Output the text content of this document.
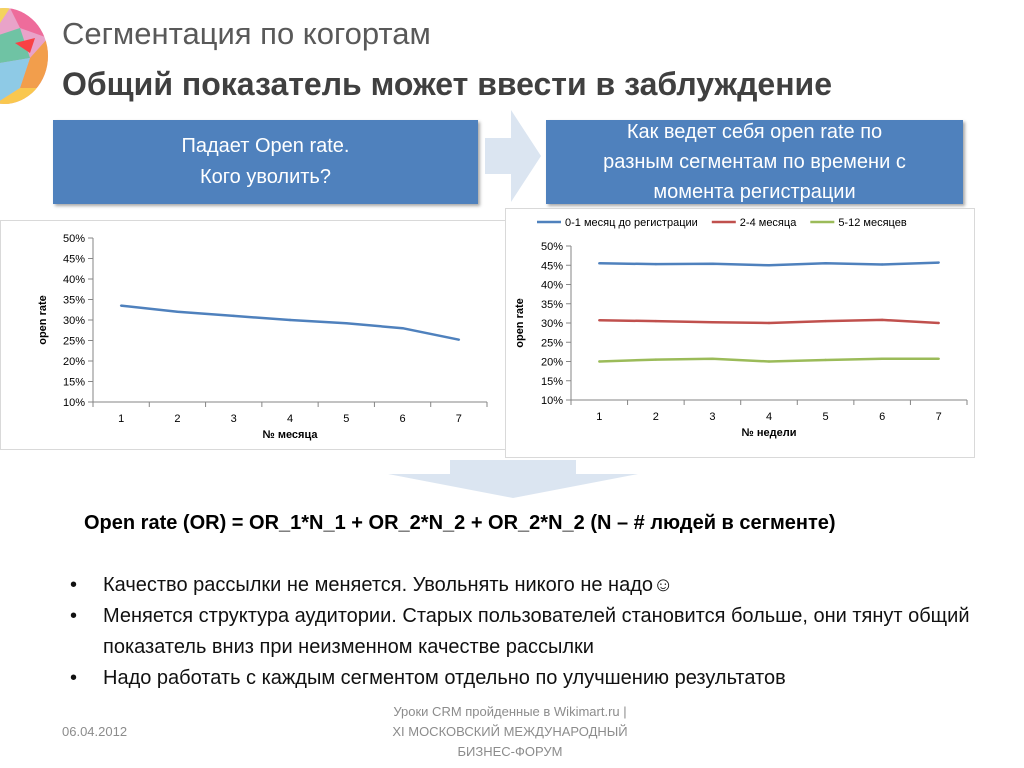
Сегментация по когортам
Общий показатель может ввести в заблуждение
Падает Open rate.
Кого уволить?
Как ведет себя open rate по
разным сегментам по времени с
момента регистрации
10%
15%
20%
25%
30%
35%
40%
45%
50%
1	2	3	4	5	6	7
№ месяца
open rate
0-1 месяц до регистрации	2-4 месяца	5-12 месяцев
10%
15%
20%
25%
30%
35%
40%
45%
50%
1	2	3	4	5	6	7
№ недели
open rate
Open rate (OR) = OR_1*N_1 + OR_2*N_2 + OR_2*N_2 (N – # людей в сегменте)
• Качество рассылки не меняется. Увольнять никого не надо☺
• Меняется структура аудитории. Старых пользователей становится больше, они тянут общий показатель вниз при неизменном качестве рассылки
• Надо работать с каждым сегментом отдельно по улучшению результатов
06.04.2012
Уроки CRM пройденные в Wikimart.ru |
XI МОСКОВСКИЙ МЕЖДУНАРОДНЫЙ
БИЗНЕС-ФОРУМ
